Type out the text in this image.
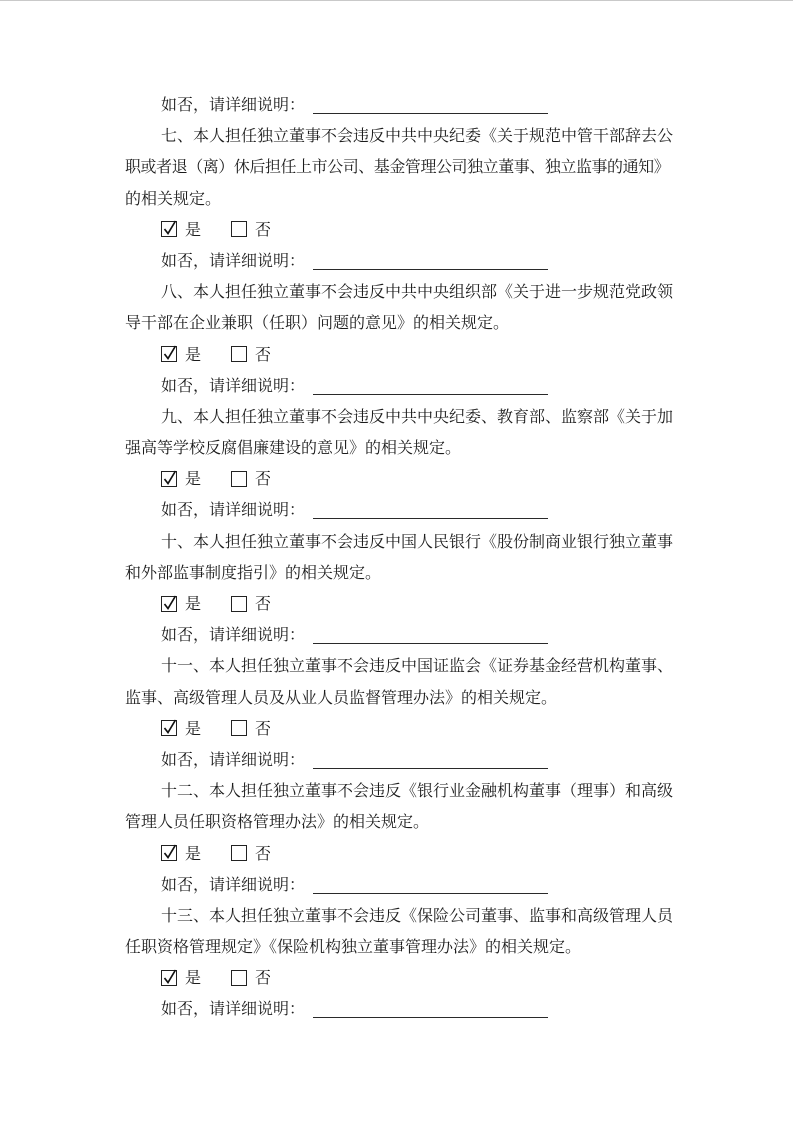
如否，请详细说明：
七、本人担任独立董事不会违反中共中央纪委《关于规范中管干部辞去公
职或者退（离）休后担任上市公司、基金管理公司独立董事、独立监事的通知》
的相关规定。
是	否
如否，请详细说明：
八、本人担任独立董事不会违反中共中央组织部《关于进一步规范党政领
导干部在企业兼职（任职）问题的意见》的相关规定。
是	否
如否，请详细说明：
九、本人担任独立董事不会违反中共中央纪委、教育部、监察部《关于加
强高等学校反腐倡廉建设的意见》的相关规定。
是	否
如否，请详细说明：
十、本人担任独立董事不会违反中国人民银行《股份制商业银行独立董事
和外部监事制度指引》的相关规定。
是	否
如否，请详细说明：
十一、本人担任独立董事不会违反中国证监会《证券基金经营机构董事、
监事、高级管理人员及从业人员监督管理办法》的相关规定。
是	否
如否，请详细说明：
十二、本人担任独立董事不会违反《银行业金融机构董事（理事）和高级
管理人员任职资格管理办法》的相关规定。
是	否
如否，请详细说明：
十三、本人担任独立董事不会违反《保险公司董事、监事和高级管理人员
任职资格管理规定》《保险机构独立董事管理办法》的相关规定。
是	否
如否，请详细说明：
